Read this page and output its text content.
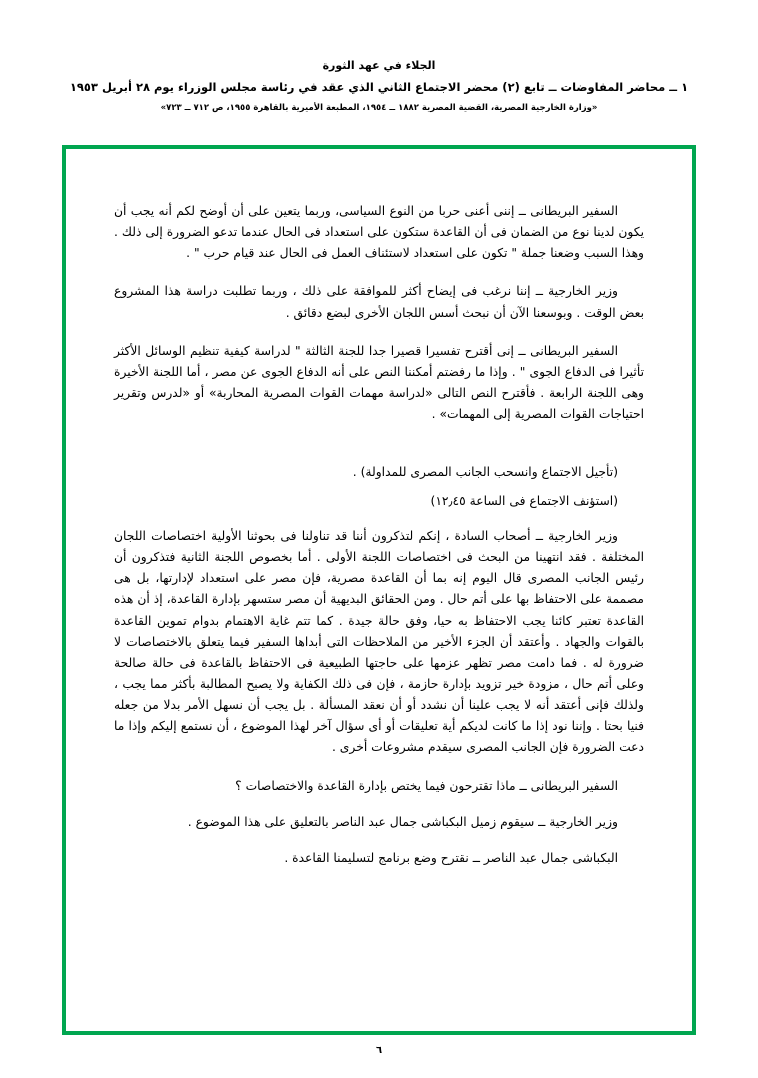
الجلاء في عهد الثورة
١ ــ محاضر المفاوضات ــ تابع (٢) محضر الاجتماع الثاني الذي عقد في رئاسة مجلس الوزراء يوم ٢٨ أبريل ١٩٥٣
«وزارة الخارجية المصرية، القضية المصرية ١٨٨٢ ــ ١٩٥٤، المطبعة الأميرية بالقاهرة ١٩٥٥، ص ٧١٢ ــ ٧٢٣»

السفير البريطانى ــ إننى أعنى حربا من النوع السياسى، وربما يتعين على أن أوضح لكم أنه يجب أن يكون لدينا نوع من الضمان فى أن القاعدة ستكون على استعداد فى الحال عندما تدعو الضرورة إلى ذلك . وهذا السبب وضعنا جملة " تكون على استعداد لاستئناف العمل فى الحال عند قيام حرب " .

وزير الخارجية ــ إننا نرغب فى إيضاح أكثر للموافقة على ذلك ، وربما تطلبت دراسة هذا المشروع بعض الوقت . وبوسعنا الآن أن نبحث أسس اللجان الأخرى لبضع دقائق .

السفير البريطانى ــ إنى أقترح تفسيرا قصيرا جدا للجنة الثالثة " لدراسة كيفية تنظيم الوسائل الأكثر تأثيرا فى الدفاع الجوى " . وإذا ما رفضتم أمكننا النص على أنه الدفاع الجوى عن مصر ، أما اللجنة الأخيرة وهى اللجنة الرابعة . فأقترح النص التالى «لدراسة مهمات القوات المصرية المحاربة» أو «لدرس وتقرير احتياجات القوات المصرية إلى المهمات» .

(تأجيل الاجتماع وانسحب الجانب المصرى للمداولة) .

(استؤنف الاجتماع فى الساعة ١٢٫٤٥)

وزير الخارجية ــ أصحاب السادة ، إنكم لتذكرون أننا قد تناولنا فى بحوثنا الأولية اختصاصات اللجان المختلفة . فقد انتهينا من البحث فى اختصاصات اللجنة الأولى . أما بخصوص اللجنة الثانية فتذكرون أن رئيس الجانب المصرى قال اليوم إنه بما أن القاعدة مصرية، فإن مصر على استعداد لإدارتها، بل هى مصممة على الاحتفاظ بها على أتم حال . ومن الحقائق البديهية أن مصر ستسهر بإدارة القاعدة، إذ أن هذه القاعدة تعتبر كائنا يجب الاحتفاظ به حيا، وفق حالة جيدة . كما تتم غاية الاهتمام بدوام تموين القاعدة بالقوات والجهاد . وأعتقد أن الجزء الأخير من الملاحظات التى أبداها السفير فيما يتعلق بالاختصاصات لا ضرورة له . فما دامت مصر تظهر عزمها على حاجتها الطبيعية فى الاحتفاظ بالقاعدة فى حالة صالحة وعلى أتم حال ، مزودة خير تزويد بإدارة حازمة ، فإن فى ذلك الكفاية ولا يصبح المطالبة بأكثر مما يجب ، ولذلك فإنى أعتقد أنه لا يجب علينا أن نشدد أو أن نعقد المسألة . بل يجب أن نسهل الأمر بدلا من جعله فنيا بحتا . وإننا نود إذا ما كانت لديكم أية تعليقات أو أى سؤال آخر لهذا الموضوع ، أن نستمع إليكم وإذا ما دعت الضرورة فإن الجانب المصرى سيقدم مشروعات أخرى .

السفير البريطانى ــ ماذا تقترحون فيما يختص بإدارة القاعدة والاختصاصات ؟

وزير الخارجية ــ سيقوم زميل البكباشى جمال عبد الناصر بالتعليق على هذا الموضوع .

البكباشى جمال عبد الناصر ــ نقترح وضع برنامج لتسليمنا القاعدة .

٦
